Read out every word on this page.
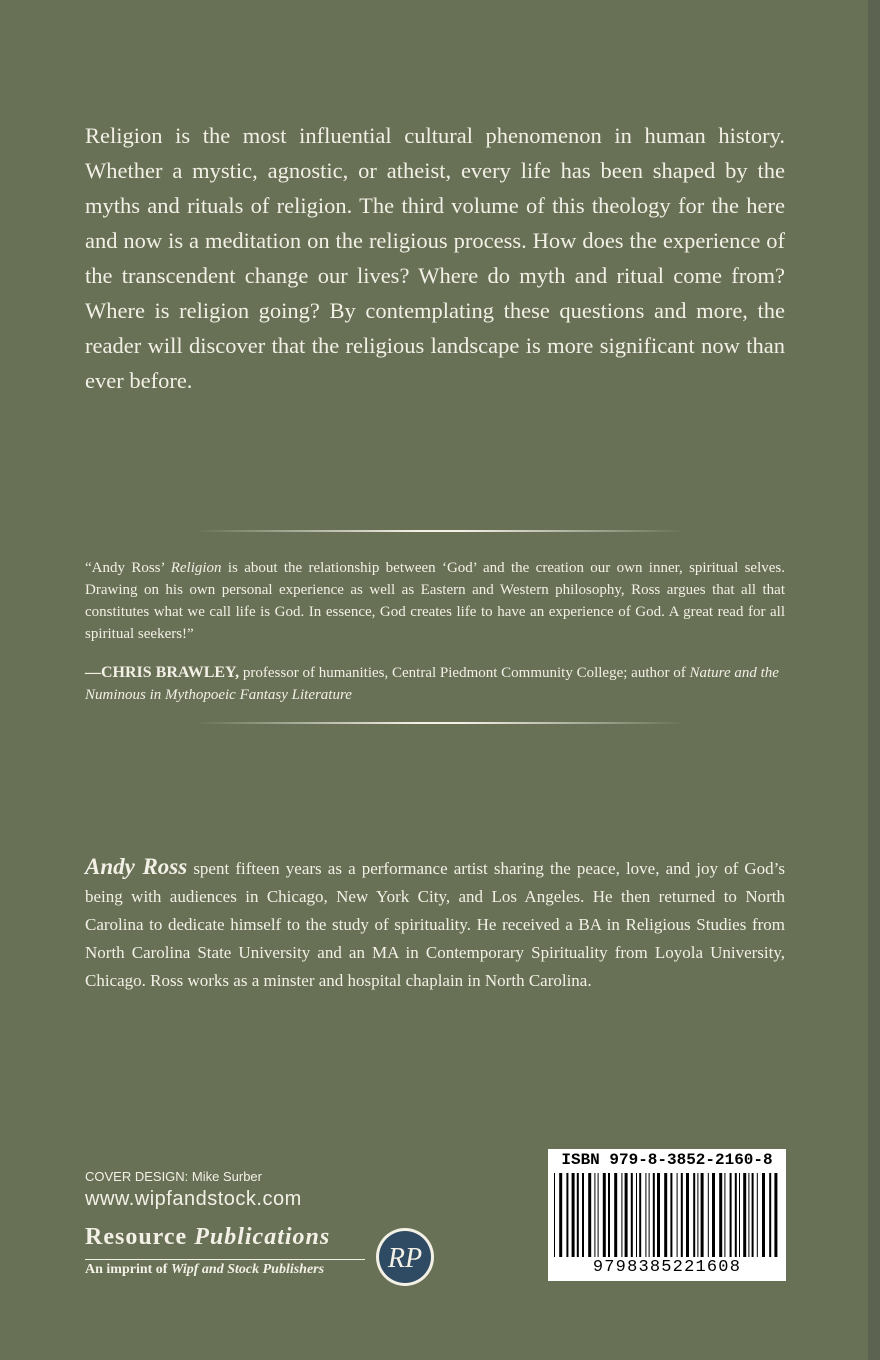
Religion is the most influential cultural phenomenon in human history. Whether a mystic, agnostic, or atheist, every life has been shaped by the myths and rituals of religion. The third volume of this theology for the here and now is a meditation on the religious process. How does the experience of the transcendent change our lives? Where do myth and ritual come from? Where is religion going? By contemplating these questions and more, the reader will discover that the religious landscape is more significant now than ever before.

“Andy Ross’ Religion is about the relationship between ‘God’ and the creation our own inner, spiritual selves. Drawing on his own personal experience as well as Eastern and Western philosophy, Ross argues that all that constitutes what we call life is God. In essence, God creates life to have an experience of God. A great read for all spiritual seekers!”

—CHRIS BRAWLEY, professor of humanities, Central Piedmont Community College; author of Nature and the Numinous in Mythopoeic Fantasy Literature

Andy Ross spent fifteen years as a performance artist sharing the peace, love, and joy of God’s being with audiences in Chicago, New York City, and Los Angeles. He then returned to North Carolina to dedicate himself to the study of spirituality. He received a BA in Religious Studies from North Carolina State University and an MA in Contemporary Spirituality from Loyola University, Chicago. Ross works as a minster and hospital chaplain in North Carolina.

COVER DESIGN: Mike Surber
www.wipfandstock.com
Resource Publications
An imprint of Wipf and Stock Publishers	RP
ISBN 979-8-3852-2160-8
9798385221608
